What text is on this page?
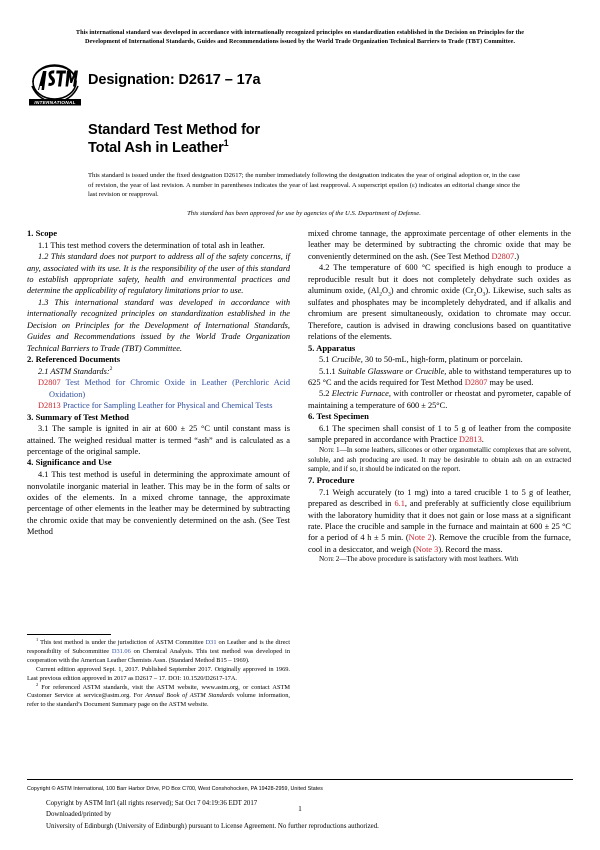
This international standard was developed in accordance with internationally recognized principles on standardization established in the Decision on Principles for the
Development of International Standards, Guides and Recommendations issued by the World Trade Organization Technical Barriers to Trade (TBT) Committee.
INTERNATIONAL
Designation: D2617 – 17a
Standard Test Method for
Total Ash in Leather$^1$
This standard is issued under the fixed designation D2617; the number immediately following the designation indicates the year of original adoption or, in the case of revision, the year of last revision. A number in parentheses indicates the year of last reapproval. A superscript epsilon (ε) indicates an editorial change since the last revision or reapproval.
This standard has been approved for use by agencies of the U.S. Department of Defense.
1. Scope

1.1 This test method covers the determination of total ash in leather.

1.2 This standard does not purport to address all of the safety concerns, if any, associated with its use. It is the responsibility of the user of this standard to establish appropriate safety, health and environmental practices and determine the applicability of regulatory limitations prior to use.

1.3 This international standard was developed in accordance with internationally recognized principles on standardization established in the Decision on Principles for the Development of International Standards, Guides and Recommendations issued by the World Trade Organization Technical Barriers to Trade (TBT) Committee.

2. Referenced Documents

2.1 ASTM Standards:$^2$

D2807 Test Method for Chromic Oxide in Leather (Perchloric Acid Oxidation)

D2813 Practice for Sampling Leather for Physical and Chemical Tests

3. Summary of Test Method

3.1 The sample is ignited in air at 600 ± 25 °C until constant mass is attained. The weighed residual matter is termed “ash” and is calculated as a percentage of the original sample.

4. Significance and Use

4.1 This test method is useful in determining the approximate amount of nonvolatile inorganic material in leather. This may be in the form of salts or oxides of the elements. In a mixed chrome tannage, the approximate percentage of other elements in the leather may be determined by subtracting the chromic oxide that may be conveniently determined on the ash. (See Test Method

mixed chrome tannage, the approximate percentage of other elements in the leather may be determined by subtracting the chromic oxide that may be conveniently determined on the ash. (See Test Method D2807.)

4.2 The temperature of 600 °C specified is high enough to produce a reproducible result but it does not completely dehydrate such oxides as aluminum oxide, $(Al_2O_3)$ and chromic oxide $(Cr_2O_3)$. Likewise, such salts as sulfates and phosphates may be incompletely dehydrated, and if alkalis and chromium are present simultaneously, oxidation to chromate may occur. Therefore, caution is advised in drawing conclusions based on quantitative relations of the elements.

5. Apparatus

5.1 Crucible, 30 to 50-mL, high-form, platinum or porcelain.

5.1.1 Suitable Glassware or Crucible, able to withstand temperatures up to 625 °C and the acids required for Test Method D2807 may be used.

5.2 Electric Furnace, with controller or rheostat and pyrometer, capable of maintaining a temperature of 600 ± 25°C.

6. Test Specimen

6.1 The specimen shall consist of 1 to 5 g of leather from the composite sample prepared in accordance with Practice D2813.

Note 1—In some leathers, silicones or other organometallic complexes that are solvent, soluble, and ash producing are used. It may be desirable to obtain ash on an extracted sample, and if so, it should be indicated on the report.

7. Procedure

7.1 Weigh accurately (to 1 mg) into a tared crucible 1 to 5 g of leather, prepared as described in 6.1, and preferably at sufficiently close equilibrium with the laboratory humidity that it does not gain or lose mass at a significant rate. Place the crucible and sample in the furnace and maintain at 600 ± 25 °C for a period of 4 h ± 5 min. (Note 2). Remove the crucible from the furnace, cool in a desiccator, and weigh (Note 3). Record the mass.

Note 2—The above procedure is satisfactory with most leathers. With

$^1$ This test method is under the jurisdiction of ASTM Committee D31 on Leather and is the direct responsibility of Subcommittee D31.06 on Chemical Analysis. This test method was developed in cooperation with the American Leather Chemists Assn. (Standard Method B15 – 1969).

Current edition approved Sept. 1, 2017. Published September 2017. Originally approved in 1969. Last previous edition approved in 2017 as D2617 – 17. DOI: 10.1520/D2617-17A.

$^2$ For referenced ASTM standards, visit the ASTM website, www.astm.org, or contact ASTM Customer Service at service@astm.org. For Annual Book of ASTM Standards volume information, refer to the standard’s Document Summary page on the ASTM website.

Copyright © ASTM International, 100 Barr Harbor Drive, PO Box C700, West Conshohocken, PA 19428-2959, United States
Copyright by ASTM Int'l (all rights reserved); Sat Oct 7 04:19:36 EDT 2017
Downloaded/printed by
University of Edinburgh (University of Edinburgh) pursuant to License Agreement. No further reproductions authorized.
1
